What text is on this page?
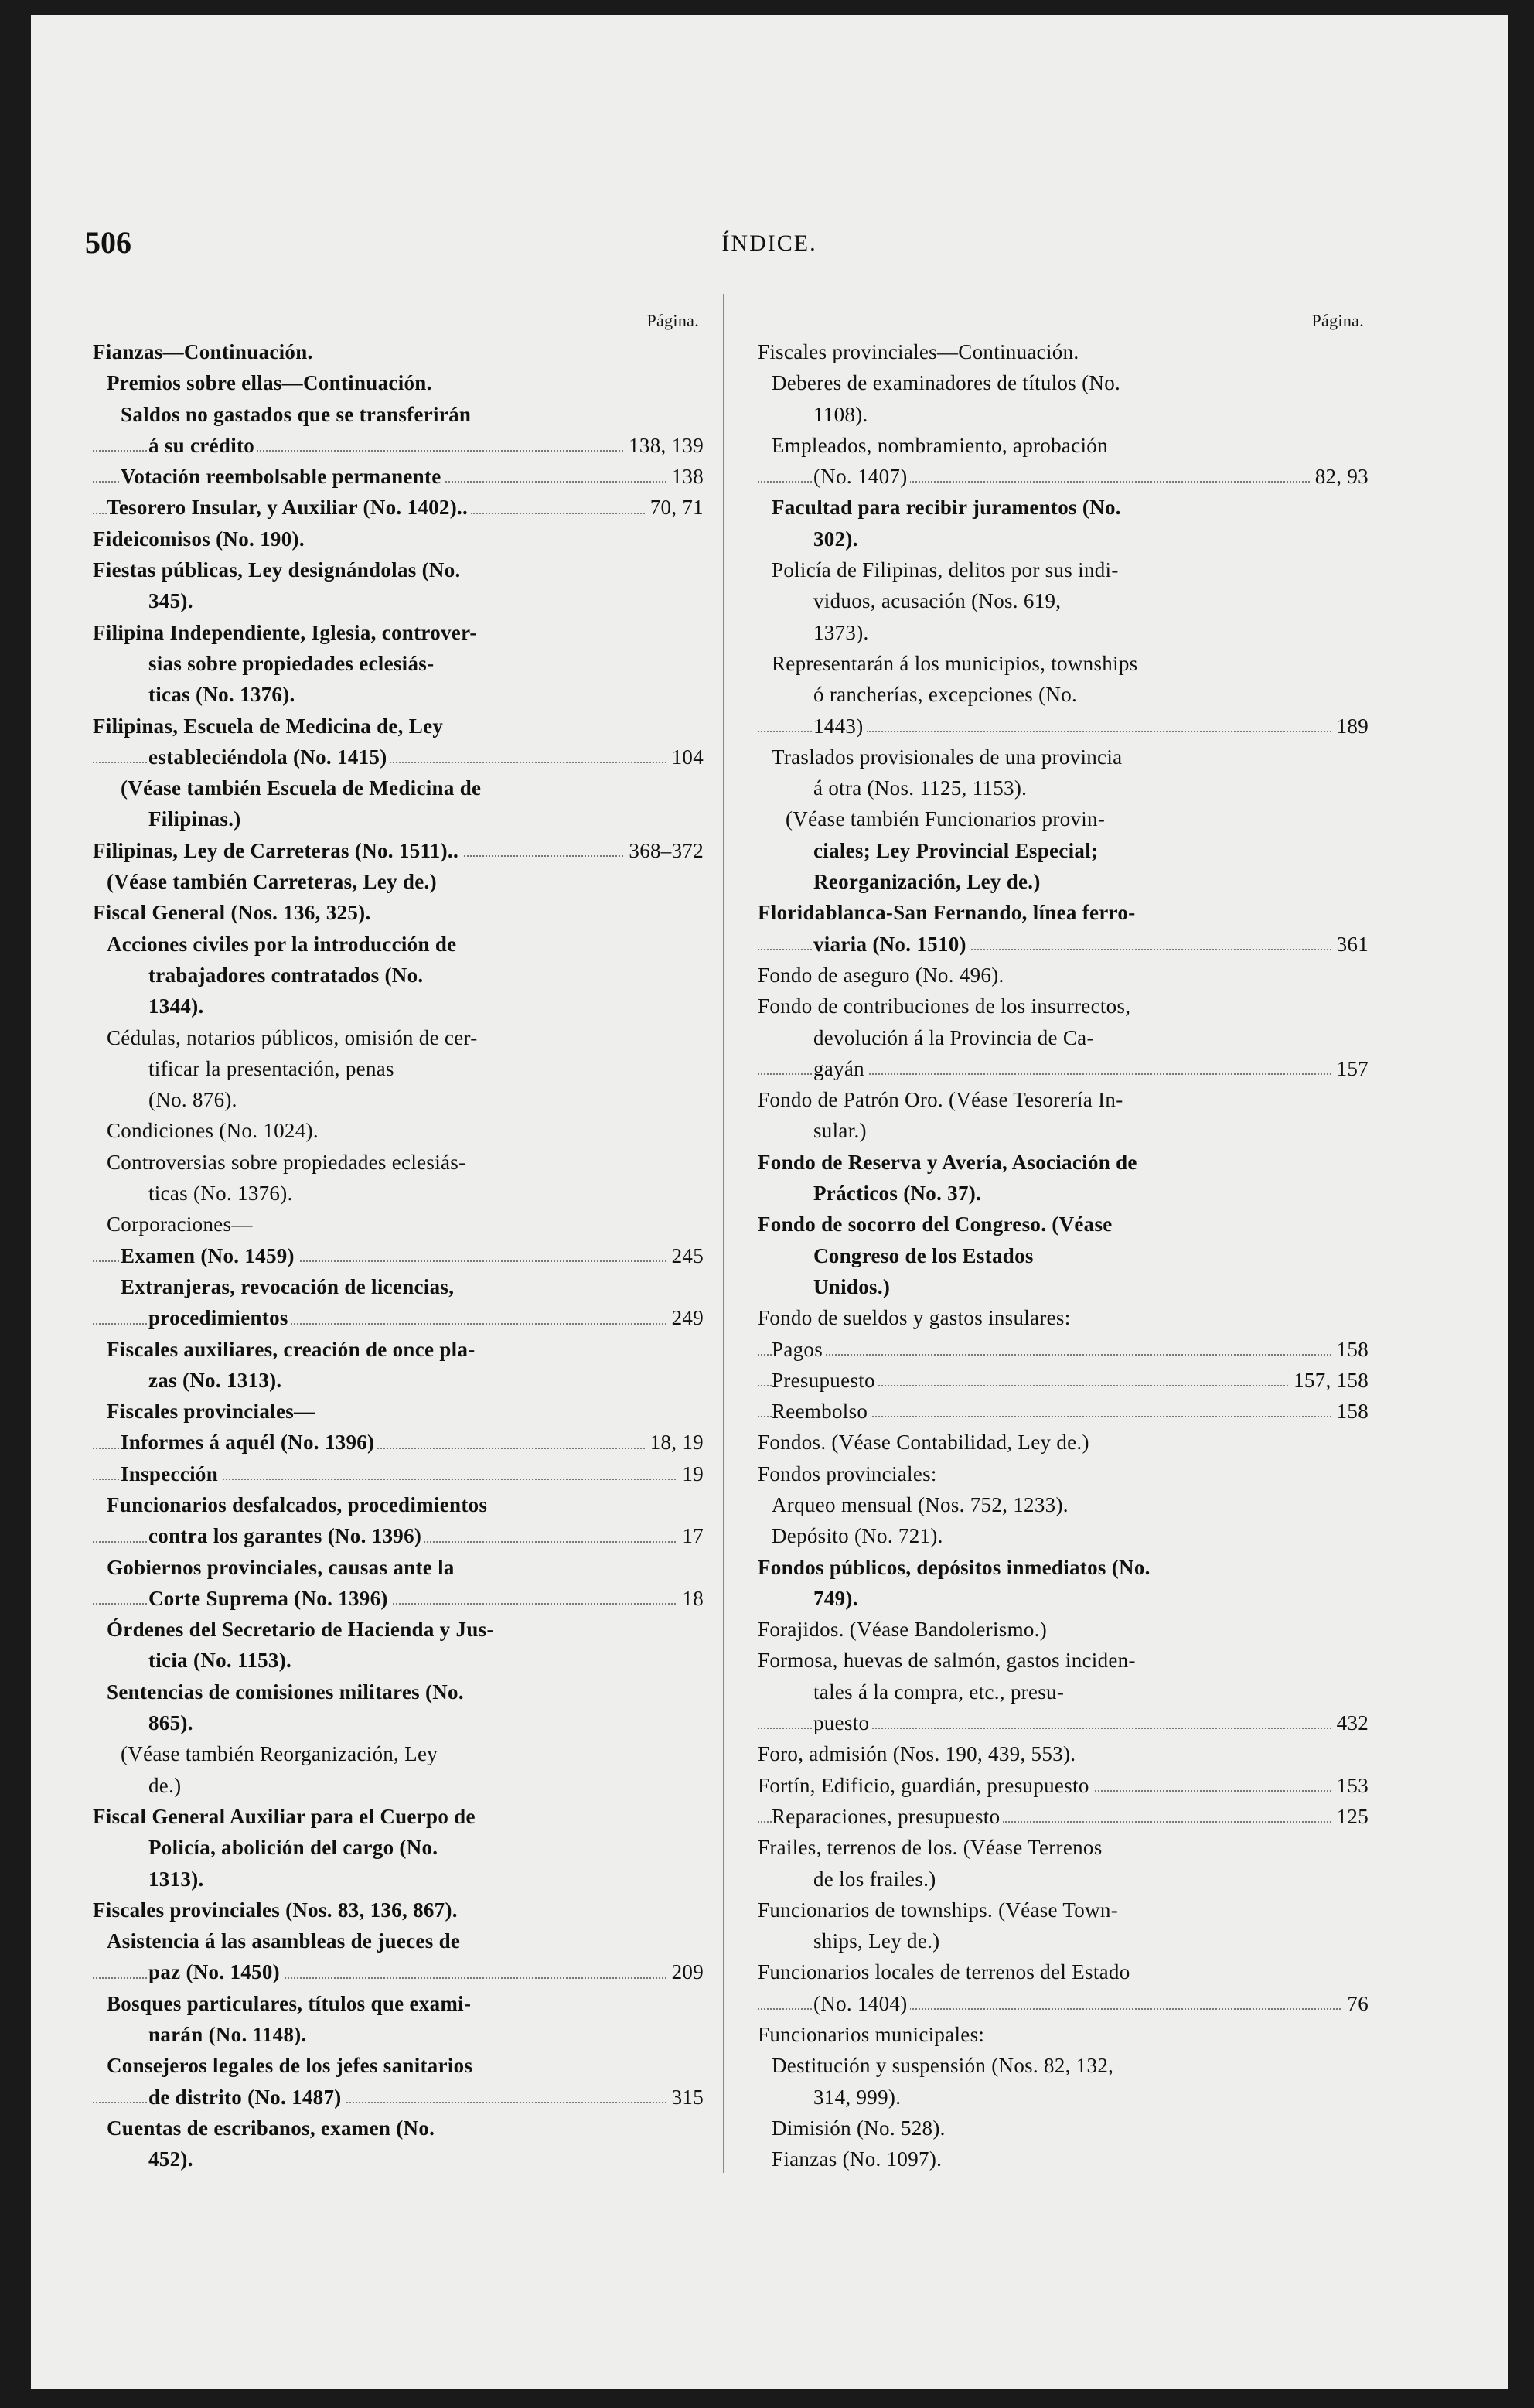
506	ÍNDICE.
Página.
Fianzas—Continuación.
Premios sobre ellas—Continuación.
Saldos no gastados que se transferirán
á su crédito	138, 139
Votación reembolsable permanente	138
Tesorero Insular, y Auxiliar (No. 1402)..	70, 71
Fideicomisos (No. 190).
Fiestas públicas, Ley designándolas (No.
345).
Filipina Independiente, Iglesia, controver-
sias sobre propiedades eclesiás-
ticas (No. 1376).
Filipinas, Escuela de Medicina de, Ley
estableciéndola (No. 1415)	104
(Véase también Escuela de Medicina de
Filipinas.)
Filipinas, Ley de Carreteras (No. 1511)..	368–372
(Véase también Carreteras, Ley de.)
Fiscal General (Nos. 136, 325).
Acciones civiles por la introducción de
trabajadores contratados (No.
1344).
Cédulas, notarios públicos, omisión de cer-
tificar la presentación, penas
(No. 876).
Condiciones (No. 1024).
Controversias sobre propiedades eclesiás-
ticas (No. 1376).
Corporaciones—
Examen (No. 1459)	245
Extranjeras, revocación de licencias,
procedimientos	249
Fiscales auxiliares, creación de once pla-
zas (No. 1313).
Fiscales provinciales—
Informes á aquél (No. 1396)	18, 19
Inspección	19
Funcionarios desfalcados, procedimientos
contra los garantes (No. 1396)	17
Gobiernos provinciales, causas ante la
Corte Suprema (No. 1396)	18
Órdenes del Secretario de Hacienda y Jus-
ticia (No. 1153).
Sentencias de comisiones militares (No.
865).
(Véase también Reorganización, Ley
de.)
Fiscal General Auxiliar para el Cuerpo de
Policía, abolición del cargo (No.
1313).
Fiscales provinciales (Nos. 83, 136, 867).
Asistencia á las asambleas de jueces de
paz (No. 1450)	209
Bosques particulares, títulos que exami-
narán (No. 1148).
Consejeros legales de los jefes sanitarios
de distrito (No. 1487)	315
Cuentas de escribanos, examen (No.
452).
Página.
Fiscales provinciales—Continuación.
Deberes de examinadores de títulos (No.
1108).
Empleados, nombramiento, aprobación
(No. 1407)	82, 93
Facultad para recibir juramentos (No.
302).
Policía de Filipinas, delitos por sus indi-
viduos, acusación (Nos. 619,
1373).
Representarán á los municipios, townships
ó rancherías, excepciones (No.
1443)	189
Traslados provisionales de una provincia
á otra (Nos. 1125, 1153).
(Véase también Funcionarios provin-
ciales; Ley Provincial Especial;
Reorganización, Ley de.)
Floridablanca-San Fernando, línea ferro-
viaria (No. 1510)	361
Fondo de aseguro (No. 496).
Fondo de contribuciones de los insurrectos,
devolución á la Provincia de Ca-
gayán	157
Fondo de Patrón Oro. (Véase Tesorería In-
sular.)
Fondo de Reserva y Avería, Asociación de
Prácticos (No. 37).
Fondo de socorro del Congreso. (Véase
Congreso de los Estados
Unidos.)
Fondo de sueldos y gastos insulares:
Pagos	158
Presupuesto	157, 158
Reembolso	158
Fondos. (Véase Contabilidad, Ley de.)
Fondos provinciales:
Arqueo mensual (Nos. 752, 1233).
Depósito (No. 721).
Fondos públicos, depósitos inmediatos (No.
749).
Forajidos. (Véase Bandolerismo.)
Formosa, huevas de salmón, gastos inciden-
tales á la compra, etc., presu-
puesto	432
Foro, admisión (Nos. 190, 439, 553).
Fortín, Edificio, guardián, presupuesto	153
Reparaciones, presupuesto	125
Frailes, terrenos de los. (Véase Terrenos
de los frailes.)
Funcionarios de townships. (Véase Town-
ships, Ley de.)
Funcionarios locales de terrenos del Estado
(No. 1404)	76
Funcionarios municipales:
Destitución y suspensión (Nos. 82, 132,
314, 999).
Dimisión (No. 528).
Fianzas (No. 1097).
